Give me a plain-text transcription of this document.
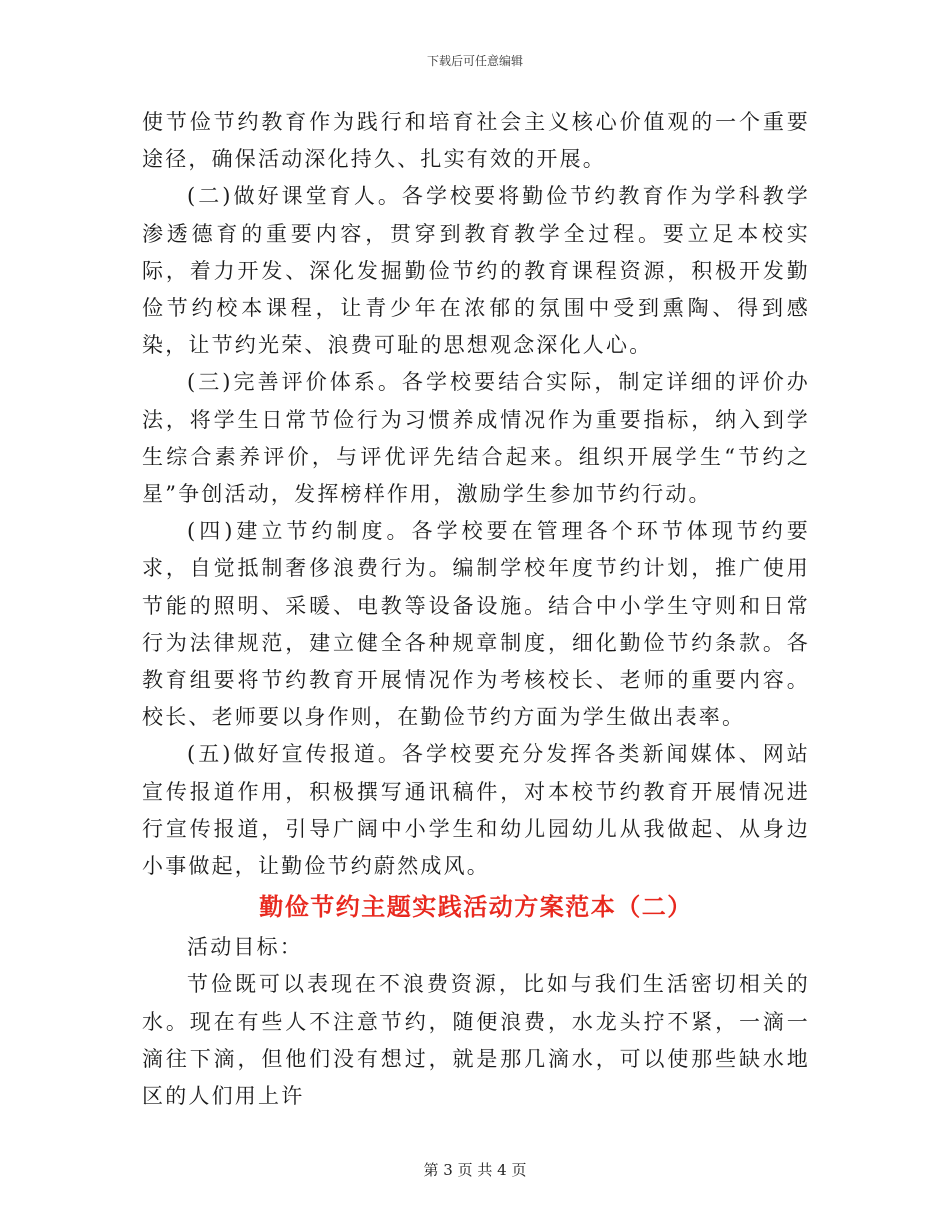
下载后可任意编辑

使节俭节约教育作为践行和培育社会主义核心价值观的一个重要途径，确保活动深化持久、扎实有效的开展。

(二)做好课堂育人。各学校要将勤俭节约教育作为学科教学渗透德育的重要内容，贯穿到教育教学全过程。要立足本校实际，着力开发、深化发掘勤俭节约的教育课程资源，积极开发勤俭节约校本课程，让青少年在浓郁的氛围中受到熏陶、得到感染，让节约光荣、浪费可耻的思想观念深化人心。

(三)完善评价体系。各学校要结合实际，制定详细的评价办法，将学生日常节俭行为习惯养成情况作为重要指标，纳入到学生综合素养评价，与评优评先结合起来。组织开展学生“节约之星”争创活动，发挥榜样作用，激励学生参加节约行动。

(四)建立节约制度。各学校要在管理各个环节体现节约要求，自觉抵制奢侈浪费行为。编制学校年度节约计划，推广使用节能的照明、采暖、电教等设备设施。结合中小学生守则和日常行为法律规范，建立健全各种规章制度，细化勤俭节约条款。各教育组要将节约教育开展情况作为考核校长、老师的重要内容。校长、老师要以身作则，在勤俭节约方面为学生做出表率。

(五)做好宣传报道。各学校要充分发挥各类新闻媒体、网站宣传报道作用，积极撰写通讯稿件，对本校节约教育开展情况进行宣传报道，引导广阔中小学生和幼儿园幼儿从我做起、从身边小事做起，让勤俭节约蔚然成风。

勤俭节约主题实践活动方案范本（二）

活动目标：

节俭既可以表现在不浪费资源，比如与我们生活密切相关的水。现在有些人不注意节约，随便浪费，水龙头拧不紧，一滴一滴往下滴，但他们没有想过，就是那几滴水，可以使那些缺水地区的人们用上许

第 3 页 共 4 页
